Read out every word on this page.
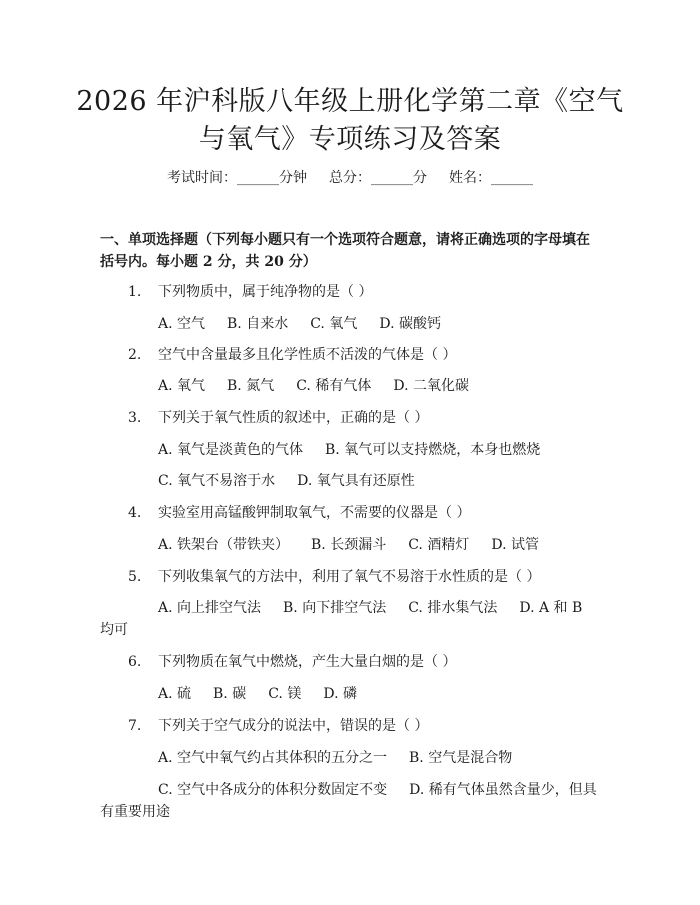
2026 年沪科版八年级上册化学第二章《空气
与氧气》专项练习及答案
考试时间：______分钟 总分：______分 姓名：______
一、单项选择题（下列每小题只有一个选项符合题意，请将正确选项的字母填在
括号内。每小题 2 分，共 20 分）
1. 下列物质中，属于纯净物的是（ ）
A. 空气 B. 自来水 C. 氧气 D. 碳酸钙
2. 空气中含量最多且化学性质不活泼的气体是（ ）
A. 氧气 B. 氮气 C. 稀有气体 D. 二氧化碳
3. 下列关于氧气性质的叙述中，正确的是（ ）
A. 氧气是淡黄色的气体 B. 氧气可以支持燃烧，本身也燃烧
C. 氧气不易溶于水 D. 氧气具有还原性
4. 实验室用高锰酸钾制取氧气，不需要的仪器是（ ）
A. 铁架台（带铁夹） B. 长颈漏斗 C. 酒精灯 D. 试管
5. 下列收集氧气的方法中，利用了氧气不易溶于水性质的是（ ）
A. 向上排空气法 B. 向下排空气法 C. 排水集气法 D. A 和 B
均可
6. 下列物质在氧气中燃烧，产生大量白烟的是（ ）
A. 硫 B. 碳 C. 镁 D. 磷
7. 下列关于空气成分的说法中，错误的是（ ）
A. 空气中氧气约占其体积的五分之一 B. 空气是混合物
C. 空气中各成分的体积分数固定不变 D. 稀有气体虽然含量少，但具
有重要用途
